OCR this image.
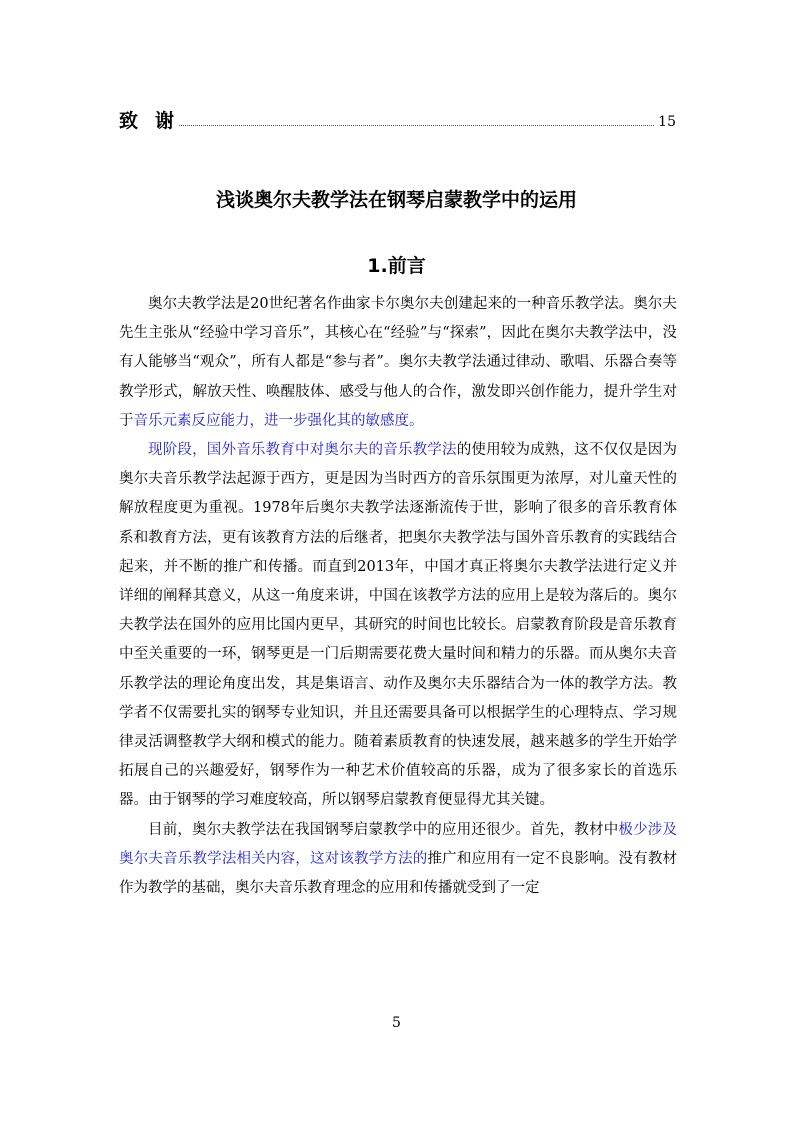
致谢	15
浅谈奥尔夫教学法在钢琴启蒙教学中的运用
1.前言

奥尔夫教学法是20世纪著名作曲家卡尔奥尔夫创建起来的一种音乐教学法。奥尔夫先生主张从“经验中学习音乐”，其核心在“经验”与“探索”，因此在奥尔夫教学法中，没有人能够当“观众”，所有人都是“参与者”。奥尔夫教学法通过律动、歌唱、乐器合奏等教学形式，解放天性、唤醒肢体、感受与他人的合作，激发即兴创作能力，提升学生对于音乐元素反应能力，进一步强化其的敏感度。

现阶段，国外音乐教育中对奥尔夫的音乐教学法的使用较为成熟，这不仅仅是因为奥尔夫音乐教学法起源于西方，更是因为当时西方的音乐氛围更为浓厚，对儿童天性的解放程度更为重视。1978年后奥尔夫教学法逐渐流传于世，影响了很多的音乐教育体系和教育方法，更有该教育方法的后继者，把奥尔夫教学法与国外音乐教育的实践结合起来，并不断的推广和传播。而直到2013年，中国才真正将奥尔夫教学法进行定义并详细的阐释其意义，从这一角度来讲，中国在该教学方法的应用上是较为落后的。奥尔夫教学法在国外的应用比国内更早，其研究的时间也比较长。启蒙教育阶段是音乐教育中至关重要的一环，钢琴更是一门后期需要花费大量时间和精力的乐器。而从奥尔夫音乐教学法的理论角度出发，其是集语言、动作及奥尔夫乐器结合为一体的教学方法。教学者不仅需要扎实的钢琴专业知识，并且还需要具备可以根据学生的心理特点、学习规律灵活调整教学大纲和模式的能力。随着素质教育的快速发展，越来越多的学生开始学拓展自己的兴趣爱好，钢琴作为一种艺术价值较高的乐器，成为了很多家长的首选乐器。由于钢琴的学习难度较高，所以钢琴启蒙教育便显得尤其关键。

目前，奥尔夫教学法在我国钢琴启蒙教学中的应用还很少。首先，教材中极少涉及奥尔夫音乐教学法相关内容，这对该教学方法的推广和应用有一定不良影响。没有教材作为教学的基础，奥尔夫音乐教育理念的应用和传播就受到了一定

5
